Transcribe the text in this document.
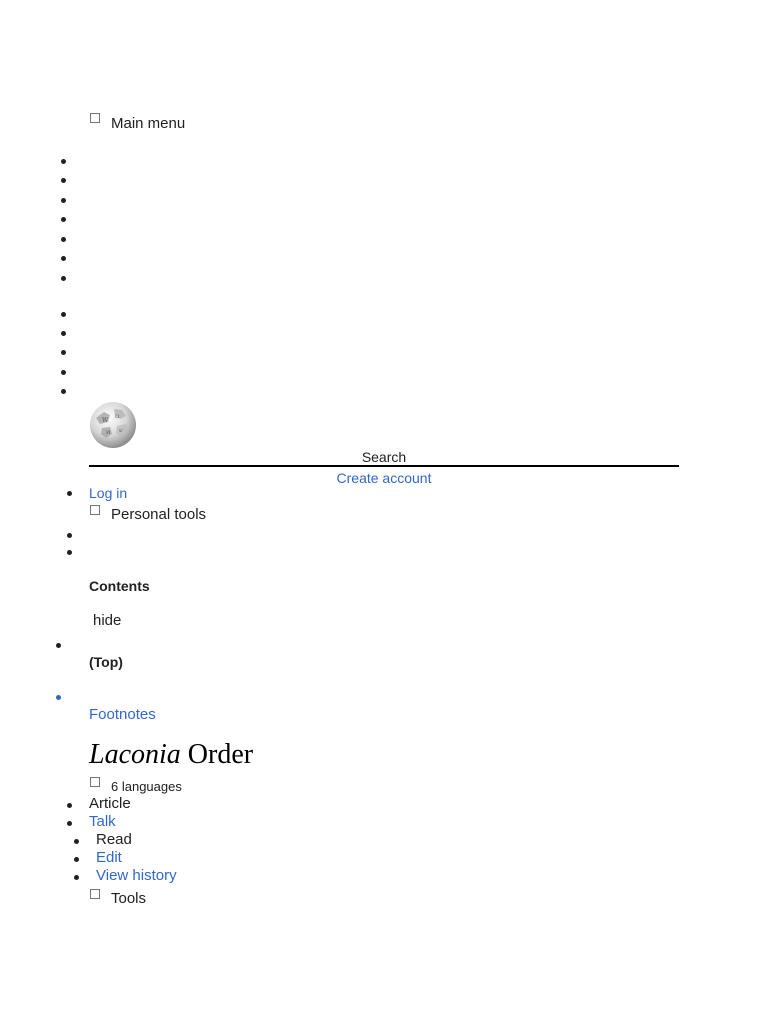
Main menu
W Ω
И ש
Search
Create account
Log in
Personal tools
Contents
hide
(Top)
Footnotes
Laconia Order
6 languages
Article
Talk
Read
Edit
View history
Tools
